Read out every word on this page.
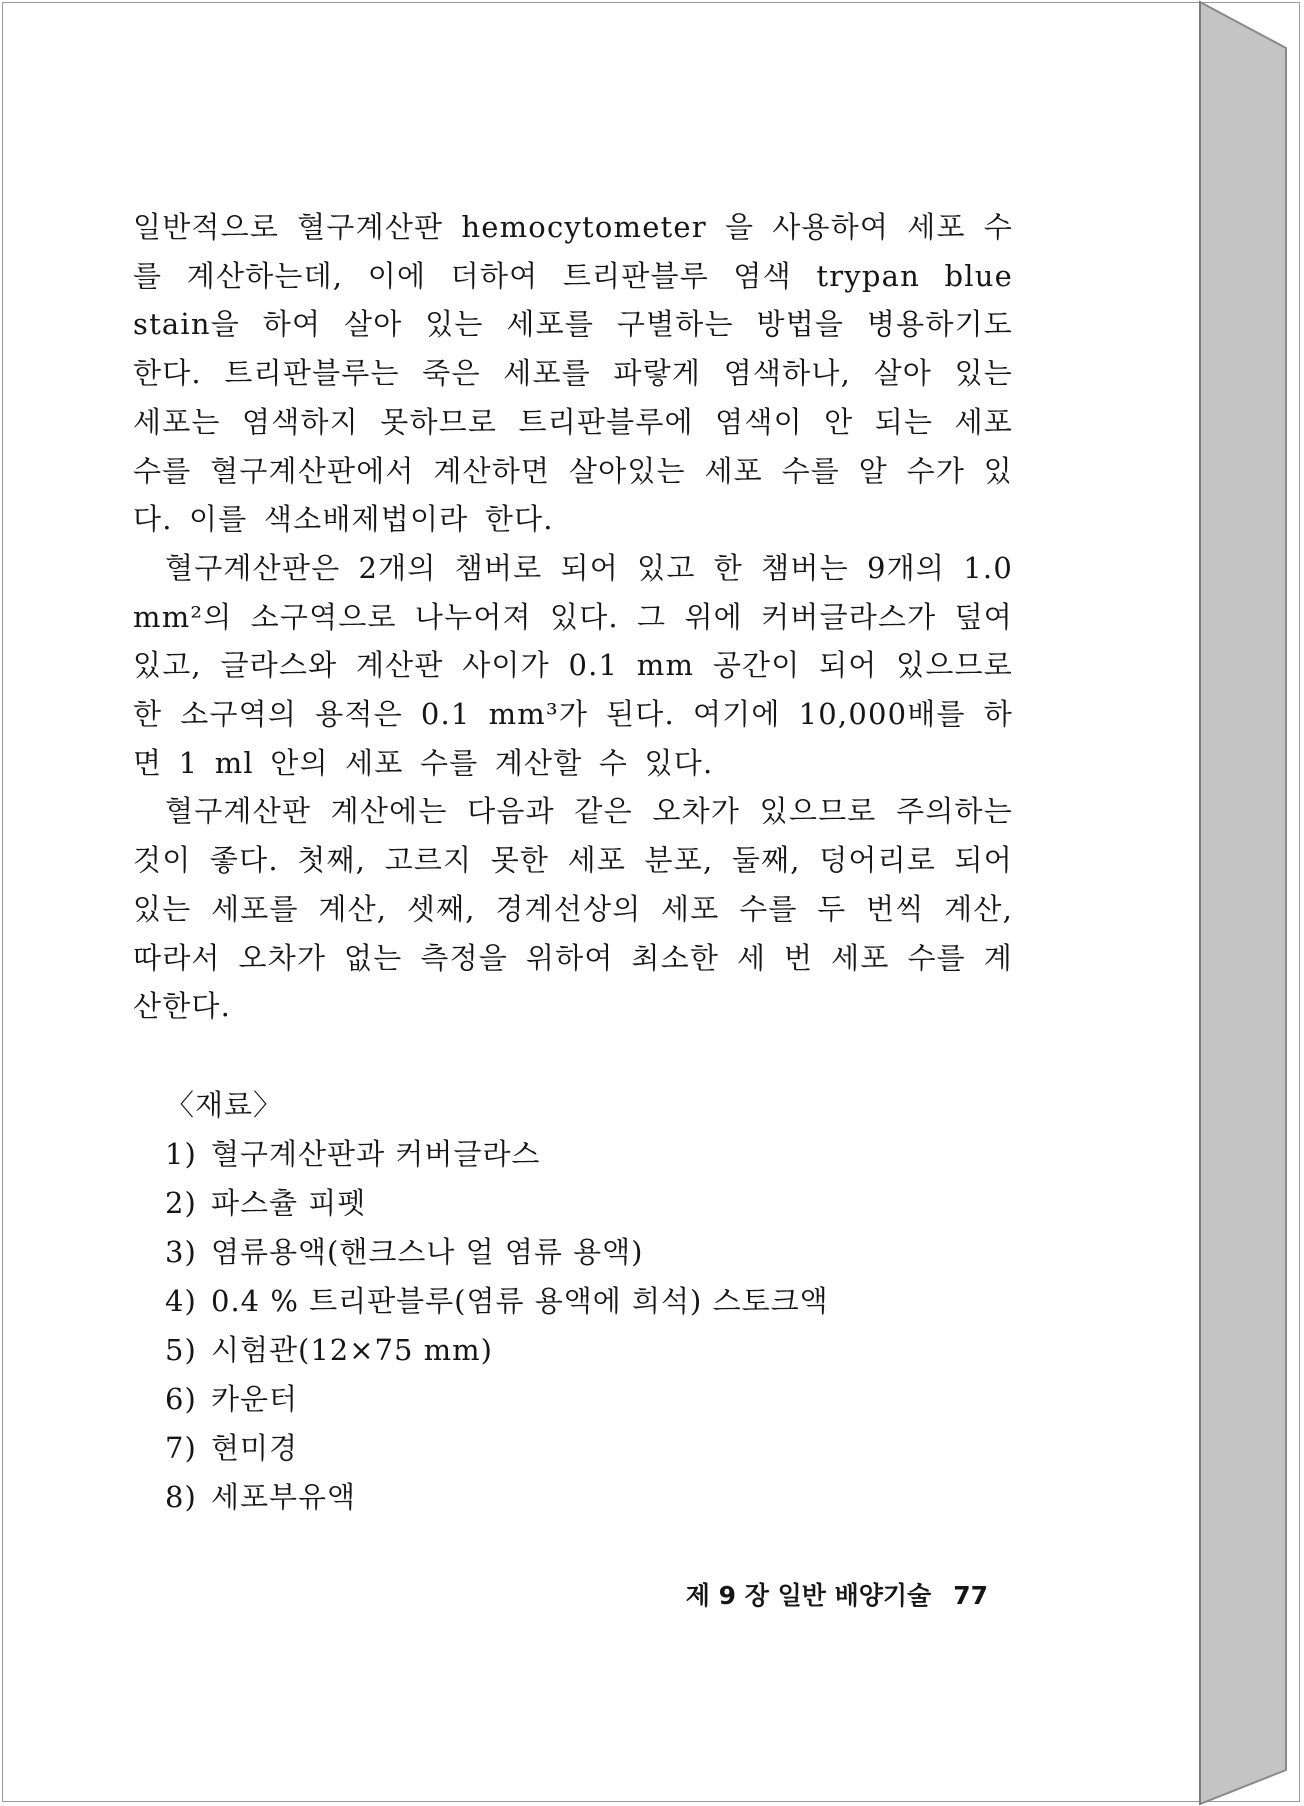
일반적으로 혈구계산판 hemocytometer 을 사용하여 세포 수를 계산하는데, 이에 더하여 트리판블루 염색 trypan blue stain을 하여 살아 있는 세포를 구별하는 방법을 병용하기도 한다. 트리판블루는 죽은 세포를 파랗게 염색하나, 살아 있는 세포는 염색하지 못하므로 트리판블루에 염색이 안 되는 세포 수를 혈구계산판에서 계산하면 살아있는 세포 수를 알 수가 있다. 이를 색소배제법이라 한다.

혈구계산판은 2개의 챔버로 되어 있고 한 챔버는 9개의 1.0 mm²의 소구역으로 나누어져 있다. 그 위에 커버글라스가 덮여 있고, 글라스와 계산판 사이가 0.1 mm 공간이 되어 있으므로 한 소구역의 용적은 0.1 mm³가 된다. 여기에 10,000배를 하면 1 ml 안의 세포 수를 계산할 수 있다.

혈구계산판 계산에는 다음과 같은 오차가 있으므로 주의하는 것이 좋다. 첫째, 고르지 못한 세포 분포, 둘째, 덩어리로 되어 있는 세포를 계산, 셋째, 경계선상의 세포 수를 두 번씩 계산, 따라서 오차가 없는 측정을 위하여 최소한 세 번 세포 수를 계산한다.

〈재료〉
1) 혈구계산판과 커버글라스
2) 파스츌 피펫
3) 염류용액(핸크스나 얼 염류 용액)
4) 0.4 % 트리판블루(염류 용액에 희석) 스토크액
5) 시험관(12×75 mm)
6) 카운터
7) 현미경
8) 세포부유액
제 9 장 일반 배양기술 77
